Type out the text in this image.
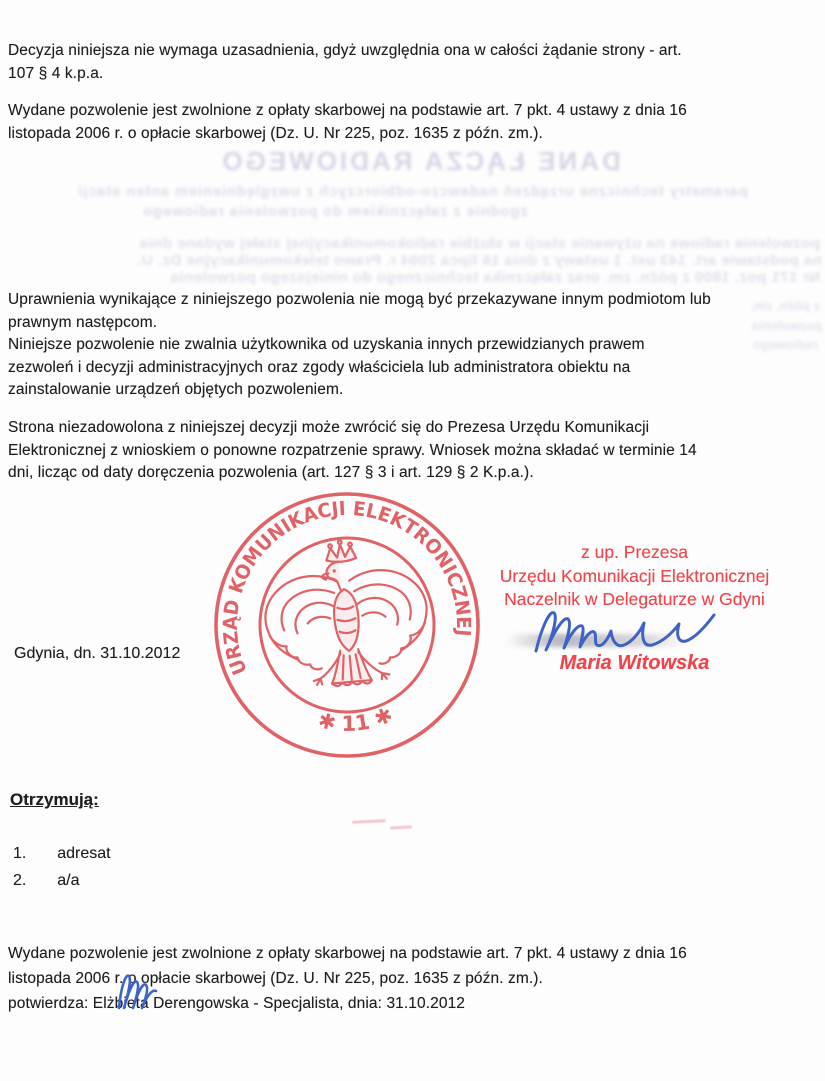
DANE ŁĄCZA RADIOWEGO
parametry techniczne urządzeń nadawczo-odbiorczych z uwzględnieniem anten stacji
zgodnie z załącznikiem do pozwolenia radiowego
pozwolenie radiowe na używanie stacji w służbie radiokomunikacyjnej stałej wydane dnia
na podstawie art. 143 ust. 1 ustawy z dnia 16 lipca 2004 r. Prawo telekomunikacyjne Dz. U.
Nr 171 poz. 1800 z późn. zm. oraz załącznika technicznego do niniejszego pozwolenia
z późn. zm.
pozwolenia
radiowego
Decyzja niniejsza nie wymaga uzasadnienia, gdyż uwzględnia ona w całości żądanie strony - art.
107 § 4 k.p.a.
Wydane pozwolenie jest zwolnione z opłaty skarbowej na podstawie art. 7 pkt. 4 ustawy z dnia 16
listopada 2006 r. o opłacie skarbowej (Dz. U. Nr 225, poz. 1635 z późn. zm.).
Uprawnienia wynikające z niniejszego pozwolenia nie mogą być przekazywane innym podmiotom lub
prawnym następcom.
Niniejsze pozwolenie nie zwalnia użytkownika od uzyskania innych przewidzianych prawem
zezwoleń i decyzji administracyjnych oraz zgody właściciela lub administratora obiektu na
zainstalowanie urządzeń objętych pozwoleniem.
Strona niezadowolona z niniejszej decyzji może zwrócić się do Prezesa Urzędu Komunikacji
Elektronicznej z wnioskiem o ponowne rozpatrzenie sprawy. Wniosek można składać w terminie 14
dni, licząc od daty doręczenia pozwolenia (art. 127 § 3 i art. 129 § 2 K.p.a.).
Gdynia, dn. 31.10.2012
z up. Prezesa
Urzędu Komunikacji Elektronicznej
Naczelnik w Delegaturze w Gdyni
Maria Witowska
URZĄD KOMUNIKACJI ELEKTRONICZNEJ
✱ 11 ✱
Otrzymują:
1. adresat
2. a/a
Wydane pozwolenie jest zwolnione z opłaty skarbowej na podstawie art. 7 pkt. 4 ustawy z dnia 16
listopada 2006 r. o opłacie skarbowej (Dz. U. Nr 225, poz. 1635 z późn. zm.).
potwierdza: Elżbieta Derengowska - Specjalista, dnia: 31.10.2012
